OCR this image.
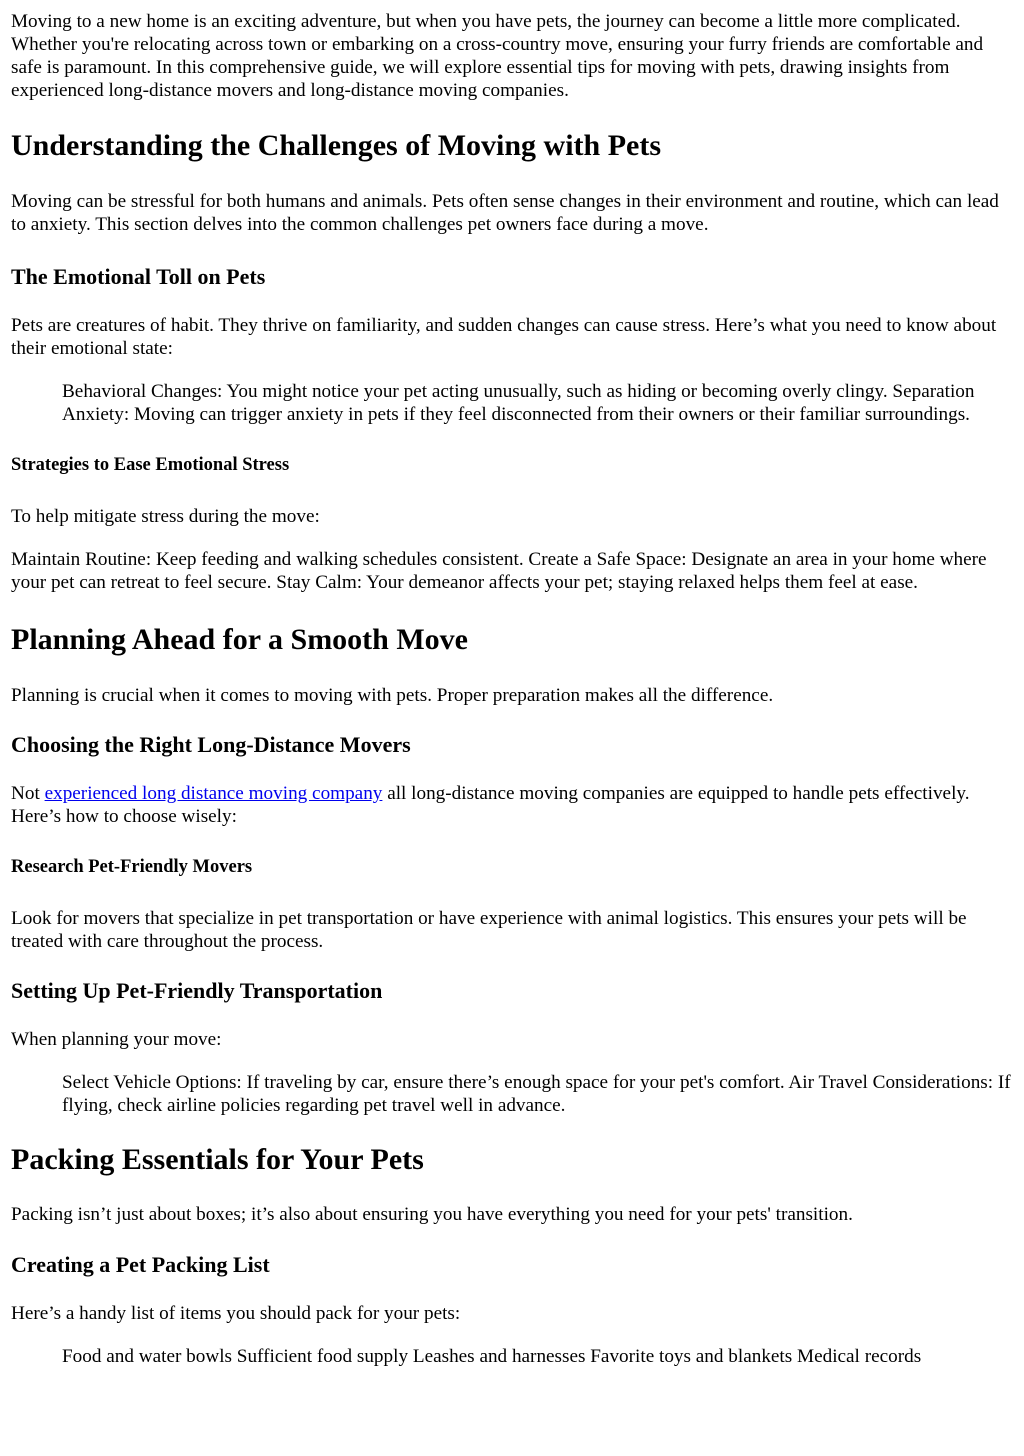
Moving to a new home is an exciting adventure, but when you have pets, the journey can become a little more complicated. Whether you're relocating across town or embarking on a cross-country move, ensuring your furry friends are comfortable and safe is paramount. In this comprehensive guide, we will explore essential tips for moving with pets, drawing insights from experienced long-distance movers and long-distance moving companies.

Understanding the Challenges of Moving with Pets

Moving can be stressful for both humans and animals. Pets often sense changes in their environment and routine, which can lead to anxiety. This section delves into the common challenges pet owners face during a move.

The Emotional Toll on Pets

Pets are creatures of habit. They thrive on familiarity, and sudden changes can cause stress. Here’s what you need to know about their emotional state:

Behavioral Changes: You might notice your pet acting unusually, such as hiding or becoming overly clingy. Separation Anxiety: Moving can trigger anxiety in pets if they feel disconnected from their owners or their familiar surroundings.

Strategies to Ease Emotional Stress

To help mitigate stress during the move:

Maintain Routine: Keep feeding and walking schedules consistent. Create a Safe Space: Designate an area in your home where your pet can retreat to feel secure. Stay Calm: Your demeanor affects your pet; staying relaxed helps them feel at ease.

Planning Ahead for a Smooth Move

Planning is crucial when it comes to moving with pets. Proper preparation makes all the difference.

Choosing the Right Long-Distance Movers

Not experienced long distance moving company all long-distance moving companies are equipped to handle pets effectively. Here’s how to choose wisely:

Research Pet-Friendly Movers

Look for movers that specialize in pet transportation or have experience with animal logistics. This ensures your pets will be treated with care throughout the process.

Setting Up Pet-Friendly Transportation

When planning your move:

Select Vehicle Options: If traveling by car, ensure there’s enough space for your pet's comfort. Air Travel Considerations: If flying, check airline policies regarding pet travel well in advance.

Packing Essentials for Your Pets

Packing isn’t just about boxes; it’s also about ensuring you have everything you need for your pets' transition.

Creating a Pet Packing List

Here’s a handy list of items you should pack for your pets:

Food and water bowls Sufficient food supply Leashes and harnesses Favorite toys and blankets Medical records
